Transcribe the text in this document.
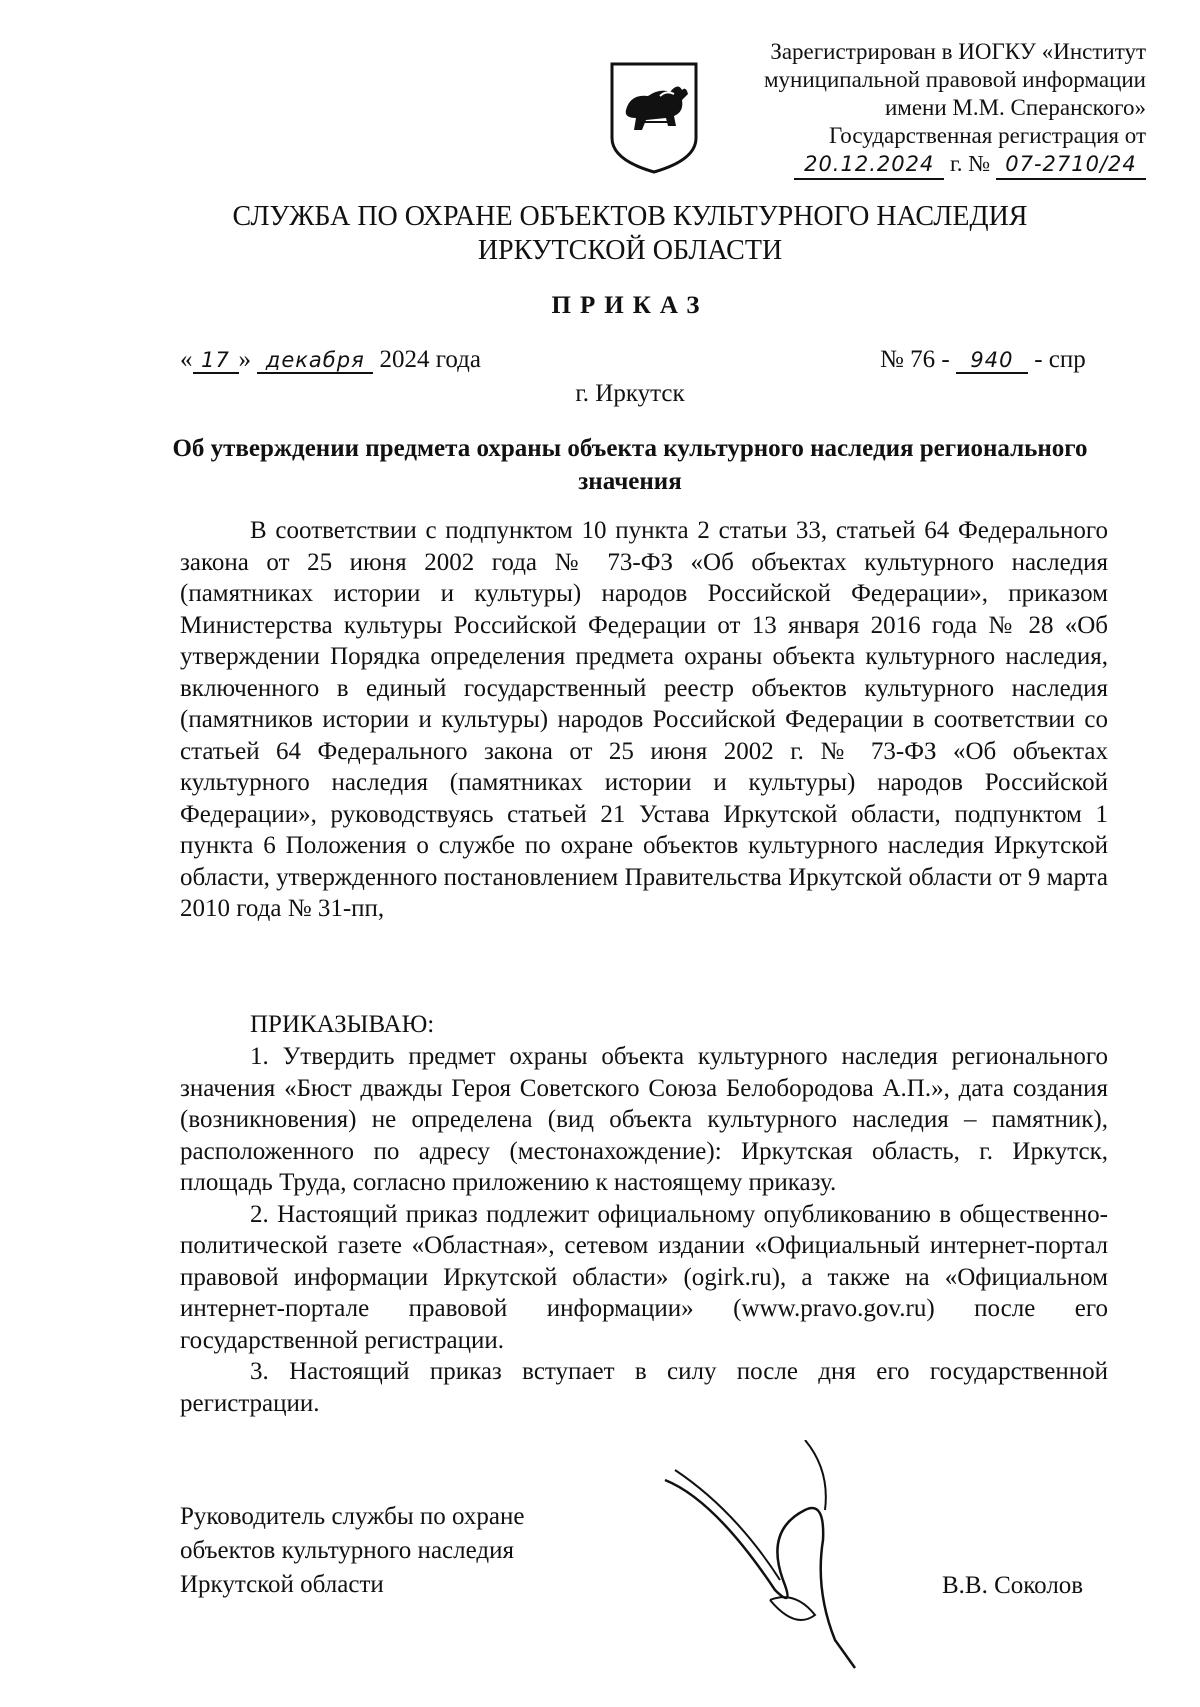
Зарегистрирован в ИОГКУ «Институт
муниципальной правовой информации
имени М.М. Сперанского»
Государственная регистрация от
20.12.2024 г. № 07-2710/24
СЛУЖБА ПО ОХРАНЕ ОБЪЕКТОВ КУЛЬТУРНОГО НАСЛЕДИЯ
ИРКУТСКОЙ ОБЛАСТИ
ПРИКАЗ
« 17 » декабря 2024 года	№ 76 - 940 - спр
г. Иркутск
Об утверждении предмета охраны объекта культурного наследия регионального значения

В соответствии с подпунктом 10 пункта 2 статьи 33, статьей 64 Федерального закона от 25 июня 2002 года № 73-ФЗ «Об объектах культурного наследия (памятниках истории и культуры) народов Российской Федерации», приказом Министерства культуры Российской Федерации от 13 января 2016 года № 28 «Об утверждении Порядка определения предмета охраны объекта культурного наследия, включенного в единый государственный реестр объектов культурного наследия (памятников истории и культуры) народов Российской Федерации в соответствии со статьей 64 Федерального закона от 25 июня 2002 г. № 73-ФЗ «Об объектах культурного наследия (памятниках истории и культуры) народов Российской Федерации», руководствуясь статьей 21 Устава Иркутской области, подпунктом 1 пункта 6 Положения о службе по охране объектов культурного наследия Иркутской области, утвержденного постановлением Правительства Иркутской области от 9 марта 2010 года № 31-пп,

ПРИКАЗЫВАЮ:

1. Утвердить предмет охраны объекта культурного наследия регионального значения «Бюст дважды Героя Советского Союза Белобородова А.П.», дата создания (возникновения) не определена (вид объекта культурного наследия – памятник), расположенного по адресу (местонахождение): Иркутская область, г. Иркутск, площадь Труда, согласно приложению к настоящему приказу.

2. Настоящий приказ подлежит официальному опубликованию в общественно-политической газете «Областная», сетевом издании «Официальный интернет-портал правовой информации Иркутской области» (ogirk.ru), а также на «Официальном интернет-портале правовой информации» (www.pravo.gov.ru) после его государственной регистрации.

3. Настоящий приказ вступает в силу после дня его государственной регистрации.

Руководитель службы по охране
объектов культурного наследия
Иркутской области	В.В. Соколов
